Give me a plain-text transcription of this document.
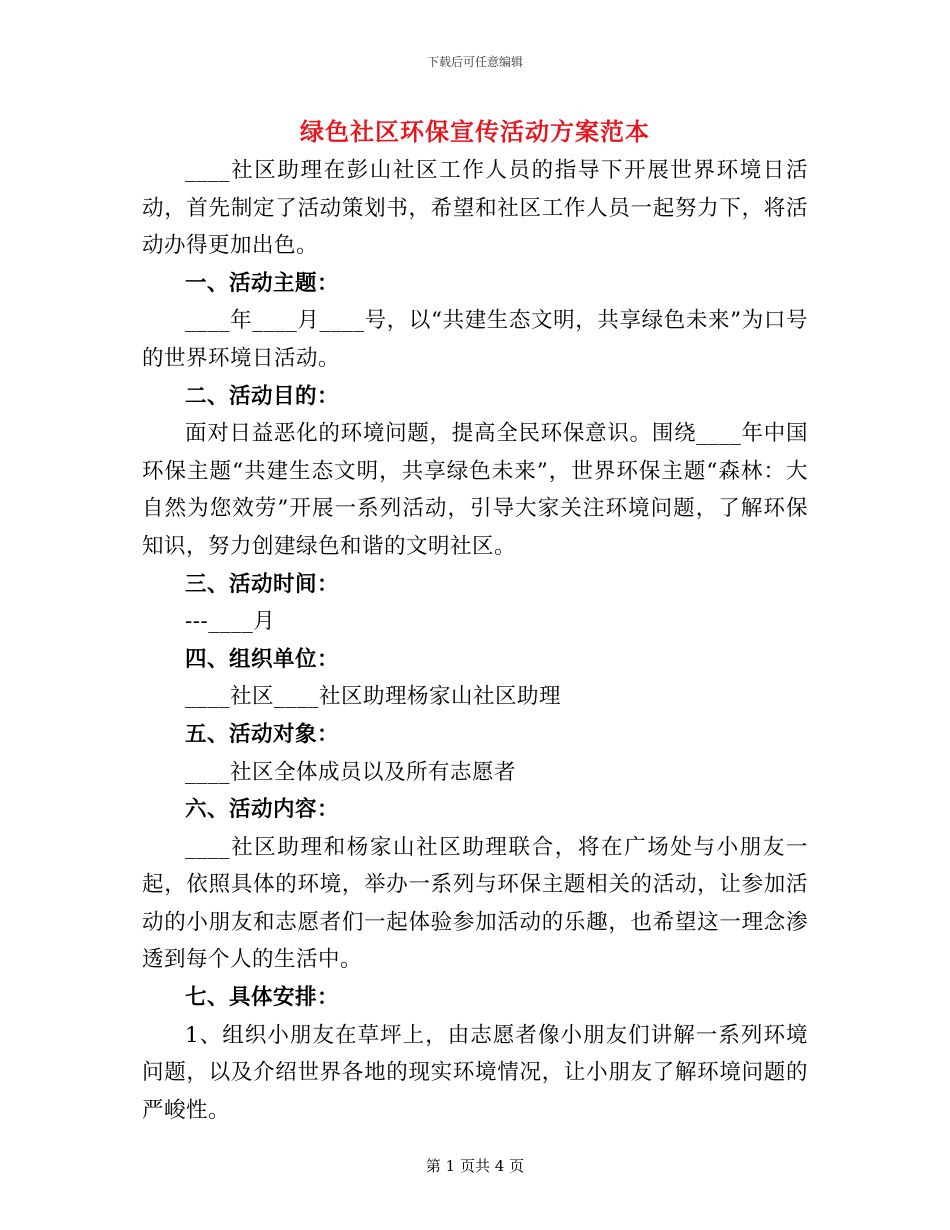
下载后可任意编辑
绿色社区环保宣传活动方案范本

____社区助理在彭山社区工作人员的指导下开展世界环境日活动，首先制定了活动策划书，希望和社区工作人员一起努力下，将活动办得更加出色。

一、活动主题：

____年____月____号，以“共建生态文明，共享绿色未来”为口号的世界环境日活动。

二、活动目的：

面对日益恶化的环境问题，提高全民环保意识。围绕____年中国环保主题“共建生态文明，共享绿色未来”，世界环保主题“森林：大自然为您效劳”开展一系列活动，引导大家关注环境问题，了解环保知识，努力创建绿色和谐的文明社区。

三、活动时间：

---____月

四、组织单位：

____社区____社区助理杨家山社区助理

五、活动对象：

____社区全体成员以及所有志愿者

六、活动内容：

____社区助理和杨家山社区助理联合，将在广场处与小朋友一起，依照具体的环境，举办一系列与环保主题相关的活动，让参加活动的小朋友和志愿者们一起体验参加活动的乐趣，也希望这一理念渗透到每个人的生活中。

七、具体安排：

1、组织小朋友在草坪上，由志愿者像小朋友们讲解一系列环境问题，以及介绍世界各地的现实环境情况，让小朋友了解环境问题的严峻性。

第 1 页共 4 页
